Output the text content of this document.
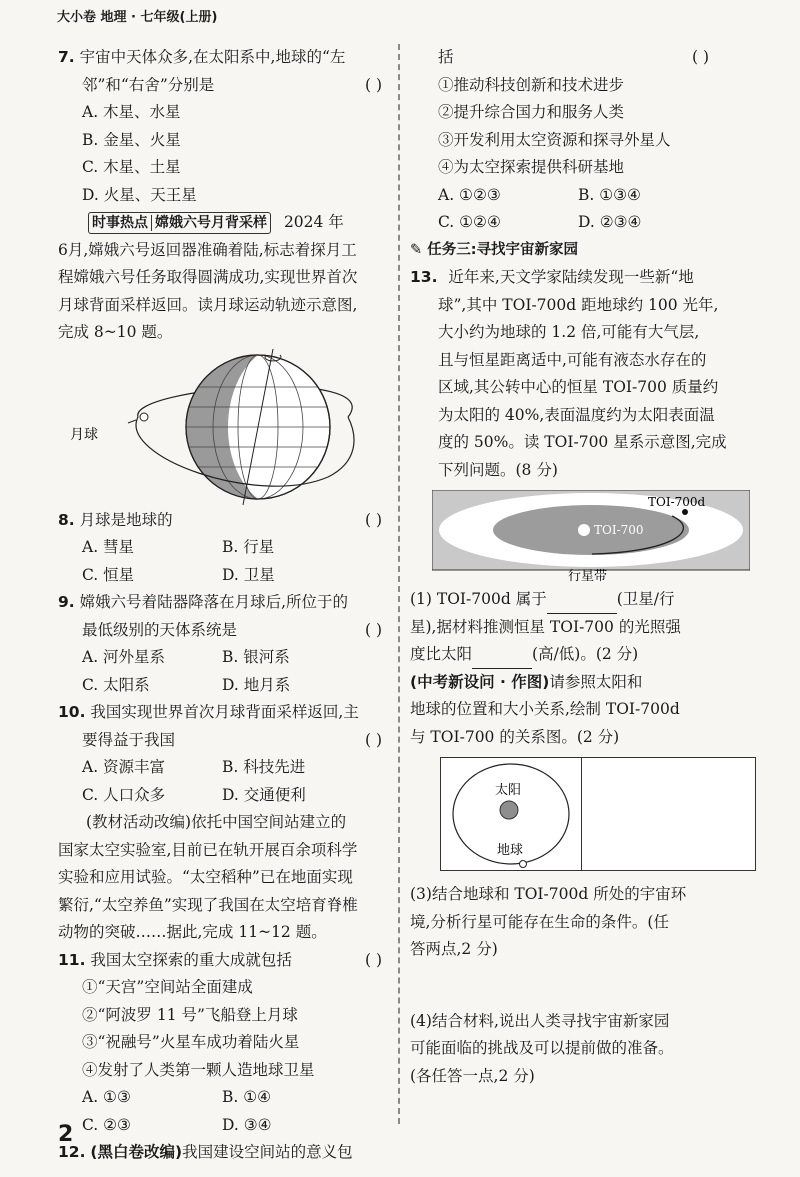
大小卷 地理 · 七年级(上册)
2
7. 宇宙中天体众多,在太阳系中,地球的“左
邻”和“右舍”分别是	( )
A. 木星、水星
B. 金星、火星
C. 木星、土星
D. 火星、天王星
时事热点 嫦娥六号月背采样 2024 年
6月,嫦娥六号返回器准确着陆,标志着探月工
程嫦娥六号任务取得圆满成功,实现世界首次
月球背面采样返回。读月球运动轨迹示意图,
完成 8~10 题。
月球
8. 月球是地球的	( )
A. 彗星	B. 行星
C. 恒星	D. 卫星
9. 嫦娥六号着陆器降落在月球后,所位于的
最低级别的天体系统是	( )
A. 河外星系	B. 银河系
C. 太阳系	D. 地月系
10. 我国实现世界首次月球背面采样返回,主
要得益于我国	( )
A. 资源丰富	B. 科技先进
C. 人口众多	D. 交通便利
(教材活动改编)依托中国空间站建立的
国家太空实验室,目前已在轨开展百余项科学
实验和应用试验。“太空稻种”已在地面实现
繁衍,“太空养鱼”实现了我国在太空培育脊椎
动物的突破……据此,完成 11~12 题。
11. 我国太空探索的重大成就包括	( )
①“天宫”空间站全面建成
②“阿波罗 11 号”飞船登上月球
③“祝融号”火星车成功着陆火星
④发射了人类第一颗人造地球卫星
A. ①③	B. ①④
C. ②③	D. ③④
12. (黑白卷改编)我国建设空间站的意义包
括	( )
①推动科技创新和技术进步
②提升综合国力和服务人类
③开发利用太空资源和探寻外星人
④为太空探索提供科研基地
A. ①②③	B. ①③④
C. ①②④	D. ②③④
✎ 任务三:寻找宇宙新家园
13. 近年来,天文学家陆续发现一些新“地
球”,其中 TOI-700d 距地球约 100 光年,
大小约为地球的 1.2 倍,可能有大气层,
且与恒星距离适中,可能有液态水存在的
区域,其公转中心的恒星 TOI-700 质量约
为太阳的 40%,表面温度约为太阳表面温
度的 50%。读 TOI-700 星系示意图,完成
下列问题。(8 分)
TOI-700d
TOI-700
行星带
(1) TOI-700d 属于	(卫星/行
星),据材料推测恒星 TOI-700 的光照强
度比太阳	(高/低)。(2 分)
(中考新设问 · 作图)请参照太阳和
地球的位置和大小关系,绘制 TOI-700d
与 TOI-700 的关系图。(2 分)
太阳
地球
(3)结合地球和 TOI-700d 所处的宇宙环
境,分析行星可能存在生命的条件。(任
答两点,2 分)
(4)结合材料,说出人类寻找宇宙新家园
可能面临的挑战及可以提前做的准备。
(各任答一点,2 分)
